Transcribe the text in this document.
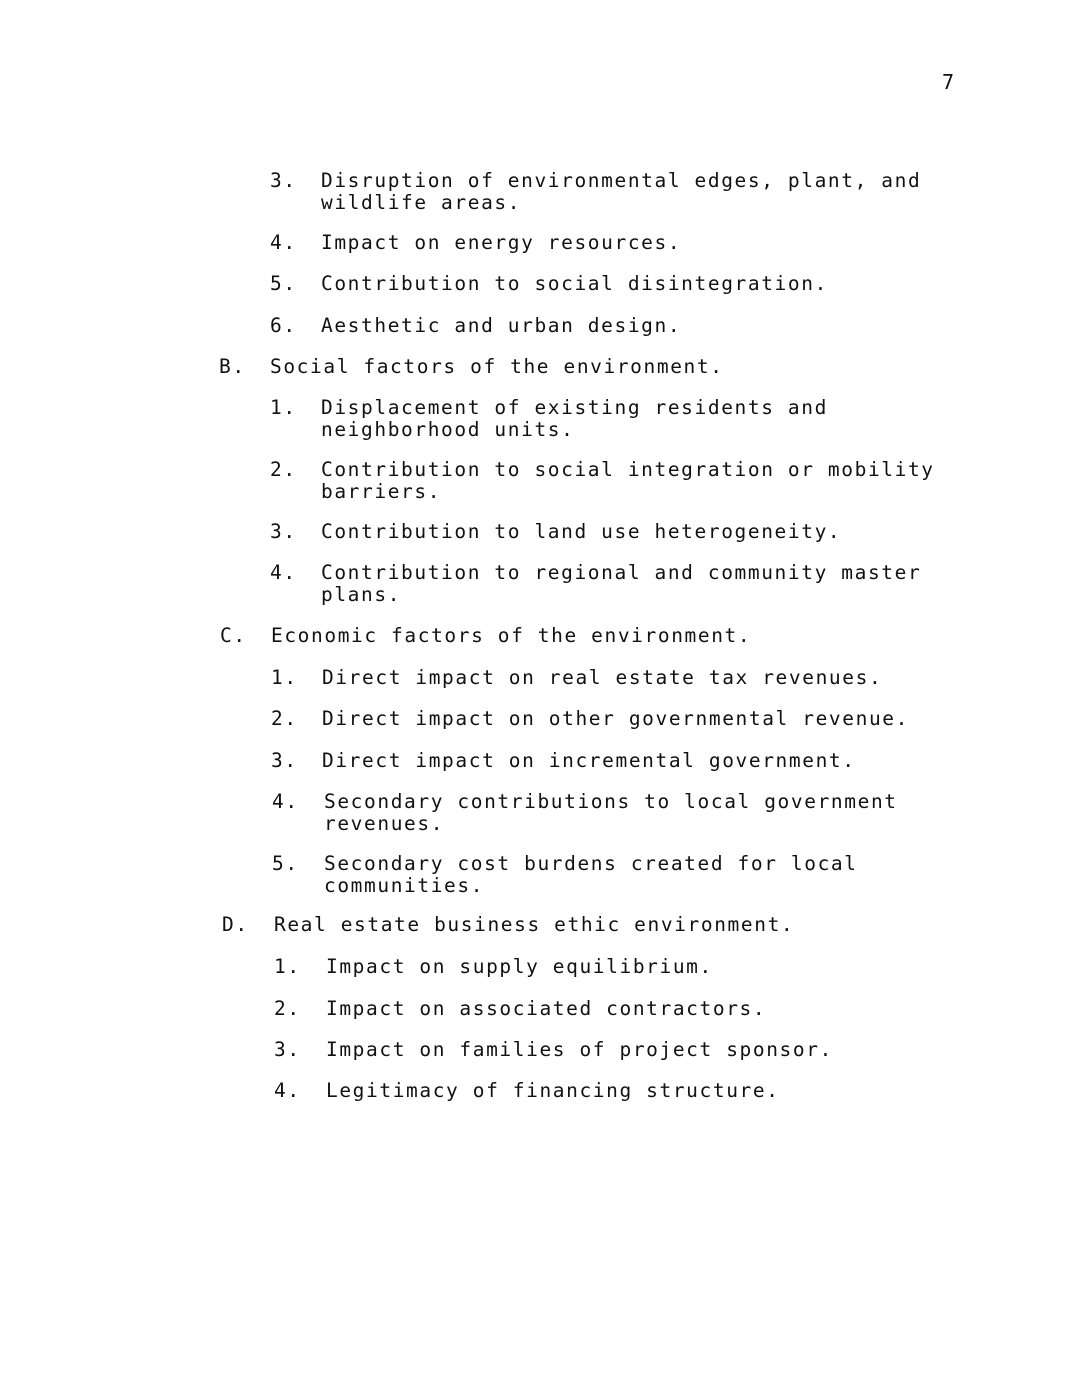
7
3. Disruption of environmental edges, plant, and
wildlife areas.
4. Impact on energy resources.
5. Contribution to social disintegration.
6. Aesthetic and urban design.
B. Social factors of the environment.
1. Displacement of existing residents and
neighborhood units.
2. Contribution to social integration or mobility
barriers.
3. Contribution to land use heterogeneity.
4. Contribution to regional and community master
plans.
C. Economic factors of the environment.
1. Direct impact on real estate tax revenues.
2. Direct impact on other governmental revenue.
3. Direct impact on incremental government.
4. Secondary contributions to local government
revenues.
5. Secondary cost burdens created for local
communities.
D. Real estate business ethic environment.
1. Impact on supply equilibrium.
2. Impact on associated contractors.
3. Impact on families of project sponsor.
4. Legitimacy of financing structure.
